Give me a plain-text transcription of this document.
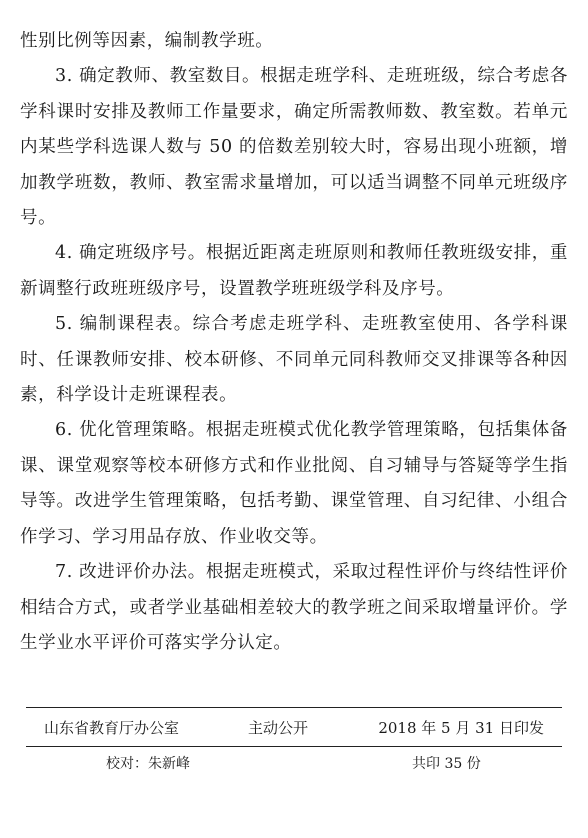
性别比例等因素，编制教学班。

3. 确定教师、教室数目。根据走班学科、走班班级，综合考虑各学科课时安排及教师工作量要求，确定所需教师数、教室数。若单元内某些学科选课人数与 50 的倍数差别较大时，容易出现小班额，增加教学班数，教师、教室需求量增加，可以适当调整不同单元班级序号。

4. 确定班级序号。根据近距离走班原则和教师任教班级安排，重新调整行政班班级序号，设置教学班班级学科及序号。

5. 编制课程表。综合考虑走班学科、走班教室使用、各学科课时、任课教师安排、校本研修、不同单元同科教师交叉排课等各种因素，科学设计走班课程表。

6. 优化管理策略。根据走班模式优化教学管理策略，包括集体备课、课堂观察等校本研修方式和作业批阅、自习辅导与答疑等学生指导等。改进学生管理策略，包括考勤、课堂管理、自习纪律、小组合作学习、学习用品存放、作业收交等。

7. 改进评价办法。根据走班模式，采取过程性评价与终结性评价相结合方式，或者学业基础相差较大的教学班之间采取增量评价。学生学业水平评价可落实学分认定。

山东省教育厅办公室	主动公开	2018 年 5 月 31 日印发
校对：朱新峰	共印 35 份
